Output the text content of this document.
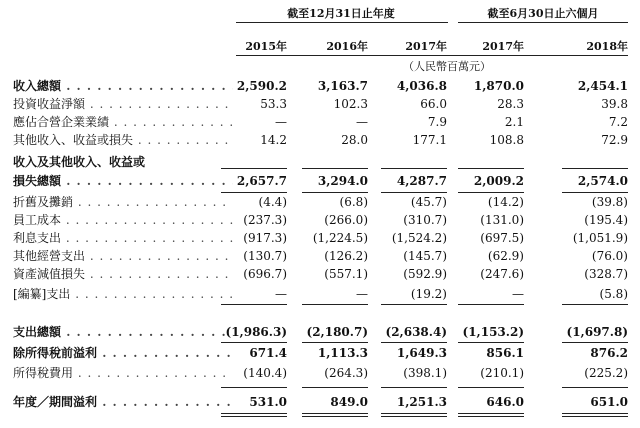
截至12月31日止年度	截至6月30日止六個月
2015年	2016年	2017年	2017年	2018年
（人民幣百萬元）
收入總額 . . .	2,590.2	3,163.7	4,036.8	1,870.0	2,454.1
投資收益淨額 . . .	53.3	102.3	66.0	28.3	39.8
應佔合營企業業績 . . .	—	—	7.9	2.1	7.2
其他收入、收益或損失 . . .	14.2	28.0	177.1	108.8	72.9
收入及其他收入、收益或
損失總額 . . .	2,657.7	3,294.0	4,287.7	2,009.2	2,574.0
折舊及攤銷 . . .	(4.4)	(6.8)	(45.7)	(14.2)	(39.8)
員工成本 . . .	(237.3)	(266.0)	(310.7)	(131.0)	(195.4)
利息支出 . . .	(917.3)	(1,224.5)	(1,524.2)	(697.5)	(1,051.9)
其他經營支出 . . .	(130.7)	(126.2)	(145.7)	(62.9)	(76.0)
資產減值損失 . . .	(696.7)	(557.1)	(592.9)	(247.6)	(328.7)
[編纂]支出 . . .	—	—	(19.2)	—	(5.8)
支出總額 . . .	(1,986.3)	(2,180.7)	(2,638.4)	(1,153.2)	(1,697.8)
除所得稅前溢利 . . .	671.4	1,113.3	1,649.3	856.1	876.2
所得稅費用 . . .	(140.4)	(264.3)	(398.1)	(210.1)	(225.2)
年度／期間溢利 . . .	531.0	849.0	1,251.3	646.0	651.0
